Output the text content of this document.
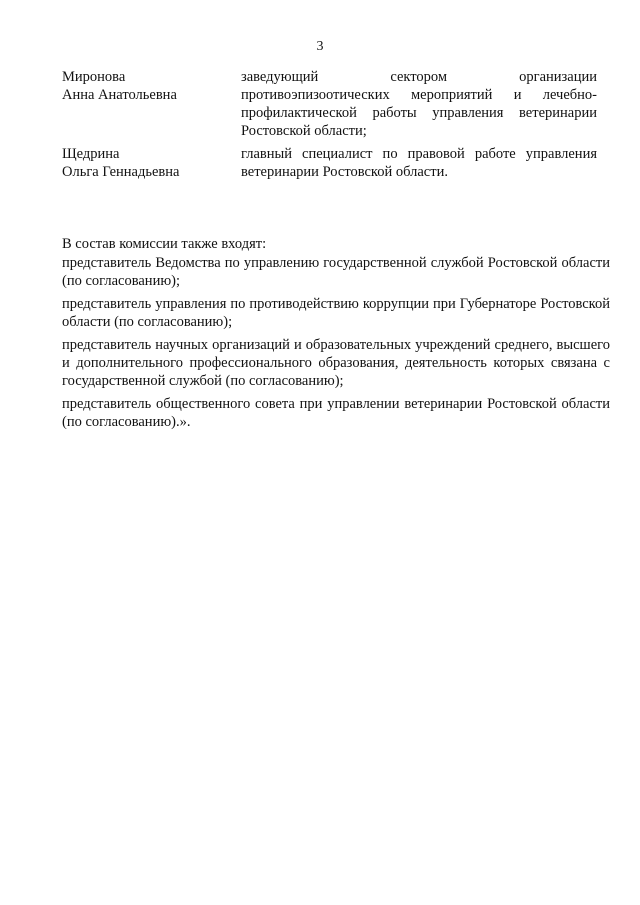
3
Миронова
Анна Анатольевна
заведующий сектором организации противоэпизоотических мероприятий и лечебно-профилактической работы управления ветеринарии Ростовской области;
Щедрина
Ольга Геннадьевна
главный специалист по правовой работе управления ветеринарии Ростовской области.

В состав комиссии также входят:

представитель Ведомства по управлению государственной службой Ростовской области (по согласованию);

представитель управления по противодействию коррупции при Губернаторе Ростовской области (по согласованию);

представитель научных организаций и образовательных учреждений среднего, высшего и дополнительного профессионального образования, деятельность которых связана с государственной службой (по согласованию);

представитель общественного совета при управлении ветеринарии Ростовской области (по согласованию).».
